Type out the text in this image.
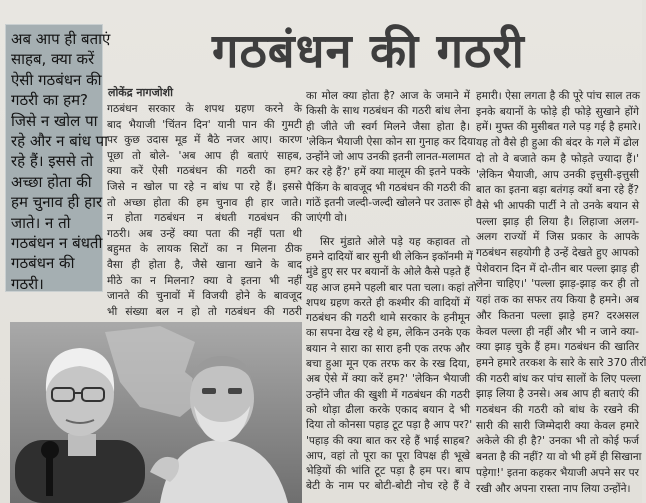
अब आप ही बताएं
साहब, क्या करें
ऐसी गठबंधन की
गठरी का हम?
जिसे न खोल पा
रहे और न बांध पा
रहे हैं। इससे तो
अच्छा होता की
हम चुनाव ही हार
जाते। न तो
गठबंधन न बंधती
गठबंधन की
गठरी।
गठबंधन की गठरी
लोकेंद्र नागजोशी
गठबंधन सरकार के शपथ ग्रहण करने के
बाद भैयाजी 'चिंतन दिन' यानी पान की गुमटी
पर कुछ उदास मूड में बैठे नजर आए। कारण
पूछा तो बोले- 'अब आप ही बताएं साहब,
क्या करें ऐसी गठबंधन की गठरी का हम?
जिसे न खोल पा रहे न बांध पा रहे हैं। इससे
तो अच्छा होता की हम चुनाव ही हार जाते।
न होता गठबंधन न बंधती गठबंधन की
गठरी। अब उन्हें क्या पता की नहीं पता थी
बहुमत के लायक सिटों का न मिलना ठीक
वैसा ही होता है, जैसे खाना खाने के बाद
मीठे का न मिलना? क्या वे इतना भी नहीं
जानते की चुनावों में विजयी होने के बावजूद
भी संख्या बल न हो तो गठबंधन की गठरी
का मोल क्या होता है? आज के जमाने में
किसी के साथ गठबंधन की गठरी बांध लेना
ही जीते जी स्वर्ग मिलने जैसा होता है।
'लेकिन भैयाजी ऐसा कोन सा गुनाह कर दिया
उन्होंने जो आप उनकी इतनी लानत-मलामत
कर रहे हैं?' हमें क्या मालूम की इतने पक्के
पैकिंग के बावजूद भी गठबंधन की गठरी की
गांठें इतनी जल्दी-जल्दी खोलने पर उतारू हो
जाएंगी वो।
सिर मुंडाते ओले पड़े यह कहावत तो
हमने दादियों बार सुनी थी लेकिन इकॉनमी में
मुंडे हुए सर पर बयानों के ओले कैसे पड़ते हैं
यह आज हमने पहली बार पता चला। कहां तो
शपथ ग्रहण करते ही कश्मीर की वादियों में
गठबंधन की गठरी थामे सरकार के हनीमून
का सपना देख रहे थे हम, लेकिन उनके एक
बयान ने सारा का सारा हनी एक तरफ और
बचा हुआ मून एक तरफ कर के रख दिया,
अब ऐसे में क्या करें हम?' 'लेकिन भैयाजी
उन्होंने जीत की खुशी में गठबंधन की गठरी
को थोड़ा ढीला करके एकाद बयान दे भी
दिया तो कोनसा पहाड़ टूट पड़ा है आप पर?'
'पहाड़ की क्या बात कर रहे हैं भाई साहब?
आप, वहां तो पूरा का पूरा विपक्ष ही भूखे
भेड़ियों की भांति टूट पड़ा है हम पर। बाप
बेटी के नाम पर बोटी-बोटी नोच रहे हैं वे
हमारी। ऐसा लगता है की पूरे पांच साल तक
इनके बयानों के फोड़े ही फोड़े सुखाने होंगे
हमें। मुफ्त की मुसीबत गले पड़ गई है हमारे।
यह तो वैसे ही हुआ की बंदर के गले में ढोल
दो तो वे बजाते कम है फोड़ते ज्यादा हैं।'
'लेकिन भैयाजी, आप उनकी इत्तुसी-इत्तुसी
बात का इतना बड़ा बतंगड़ क्यों बना रहे हैं?
वैसे भी आपकी पार्टी ने तो उनके बयान से
पल्ला झाड़ ही लिया है। लिहाजा अलग-
अलग राज्यों में जिस प्रकार के आपके
गठबंधन सहयोगी है उन्हें देखते हुए आपको
पेशेवरान दिन में दो-तीन बार पल्ला झाड़ ही
लेना चाहिए।' 'पल्ला झाड़-झाड़ कर ही तो
यहां तक का सफर तय किया है हमने। अब
और कितना पल्ला झाड़े हम? दरअसल
केवल पल्ला ही नहीं और भी न जाने क्या-
क्या झाड़ चुके हैं हम। गठबंधन की खातिर
हमने हमारे तरकश के सारे के सारे 370 तीरों
की गठरी बांध कर पांच सालों के लिए पल्ला
झाड़ लिया है उनसे। अब आप ही बताएं की
गठबंधन की गठरी को बांध के रखने की
सारी की सारी जिम्मेदारी क्या केवल हमारे
अकेले की ही है?' उनका भी तो कोई फर्ज
बनता है की नहीं? या वो भी हमें ही सिखाना
पड़ेगा!' इतना कहकर भैयाजी अपने सर पर
रखी और अपना रास्ता नाप लिया उन्होंने।
